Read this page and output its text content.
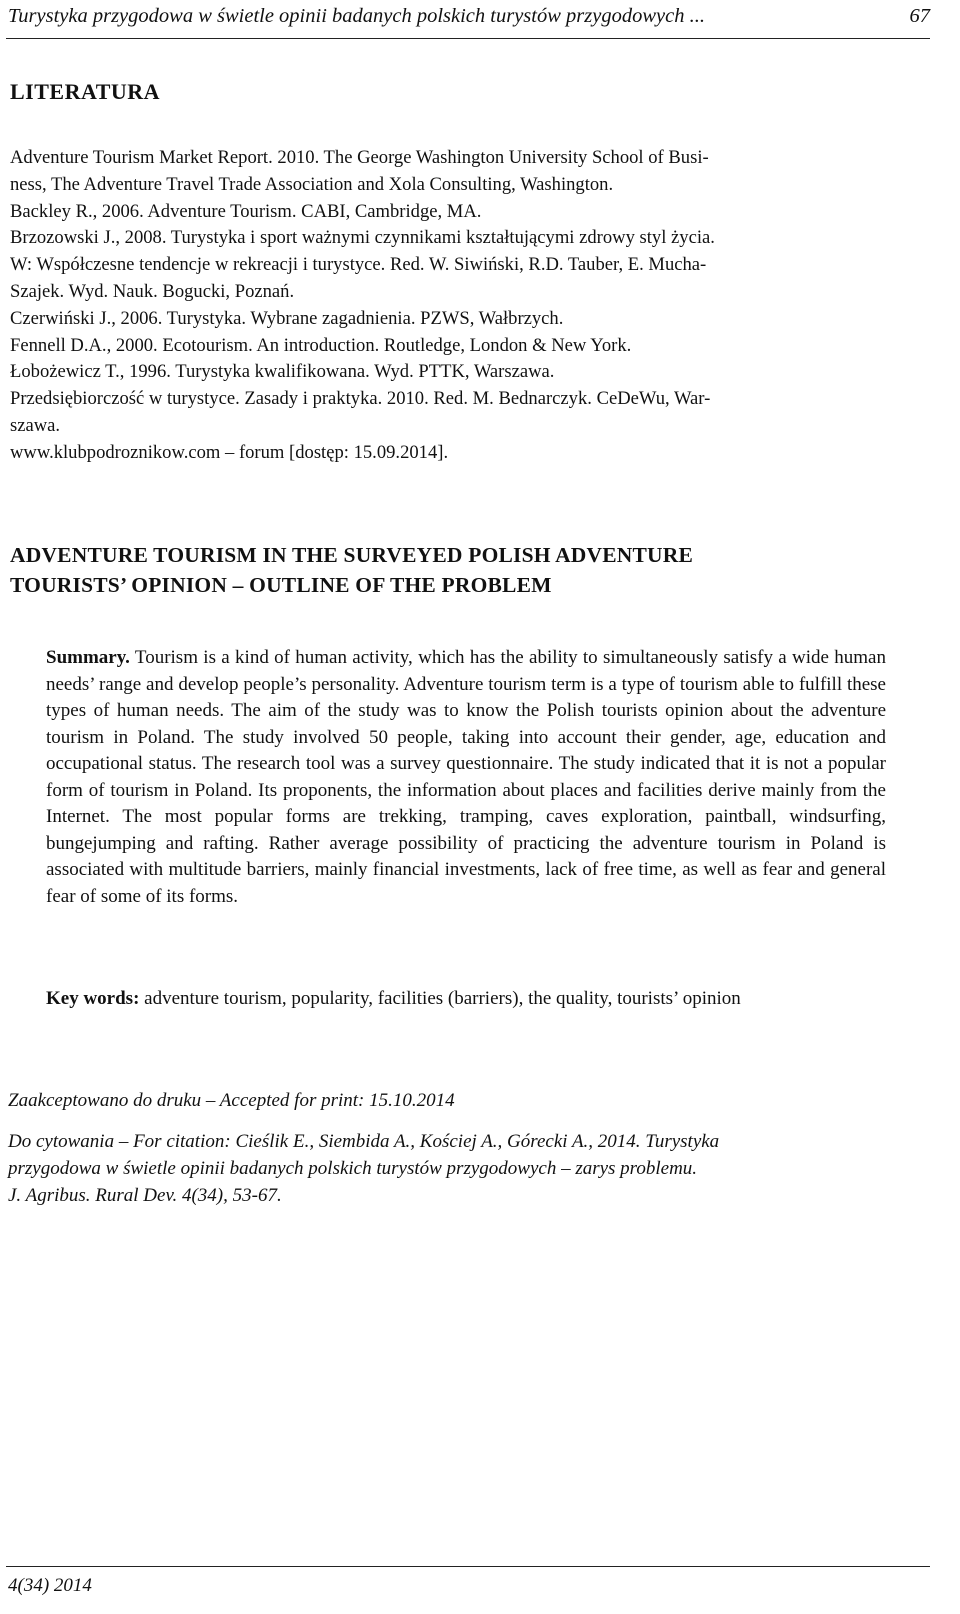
Turystyka przygodowa w świetle opinii badanych polskich turystów przygodowych ...	67
LITERATURA

Adventure Tourism Market Report. 2010. The George Washington University School of Busi-
ness, The Adventure Travel Trade Association and Xola Consulting, Washington.

Backley R., 2006. Adventure Tourism. CABI, Cambridge, MA.

Brzozowski J., 2008. Turystyka i sport ważnymi czynnikami kształtującymi zdrowy styl życia.
W: Współczesne tendencje w rekreacji i turystyce. Red. W. Siwiński, R.D. Tauber, E. Mucha-
Szajek. Wyd. Nauk. Bogucki, Poznań.

Czerwiński J., 2006. Turystyka. Wybrane zagadnienia. PZWS, Wałbrzych.

Fennell D.A., 2000. Ecotourism. An introduction. Routledge, London & New York.

Łobożewicz T., 1996. Turystyka kwalifikowana. Wyd. PTTK, Warszawa.

Przedsiębiorczość w turystyce. Zasady i praktyka. 2010. Red. M. Bednarczyk. CeDeWu, War-
szawa.

www.klubpodroznikow.com – forum [dostęp: 15.09.2014].

ADVENTURE TOURISM IN THE SURVEYED POLISH ADVENTURE
TOURISTS’ OPINION – OUTLINE OF THE PROBLEM

Summary. Tourism is a kind of human activity, which has the ability to simultaneously satisfy a wide human needs’ range and develop people’s personality. Adventure tourism term is a type of tourism able to fulfill these types of human needs. The aim of the study was to know the Polish tourists opinion about the adventure tourism in Poland. The study involved 50 people, taking into account their gender, age, education and occupational status. The research tool was a survey questionnaire. The study indicated that it is not a popular form of tourism in Poland. Its proponents, the information about places and facilities derive mainly from the Internet. The most popular forms are trekking, tramping, caves exploration, paintball, windsurfing, bungejumping and rafting. Rather average possibility of practicing the adventure tourism in Poland is associated with multitude barriers, mainly financial investments, lack of free time, as well as fear and general fear of some of its forms.

Key words: adventure tourism, popularity, facilities (barriers), the quality, tourists’ opinion

Zaakceptowano do druku – Accepted for print: 15.10.2014

Do cytowania – For citation: Cieślik E., Siembida A., Kościej A., Górecki A., 2014. Turystyka
przygodowa w świetle opinii badanych polskich turystów przygodowych – zarys problemu.
J. Agribus. Rural Dev. 4(34), 53-67.

4(34) 2014
